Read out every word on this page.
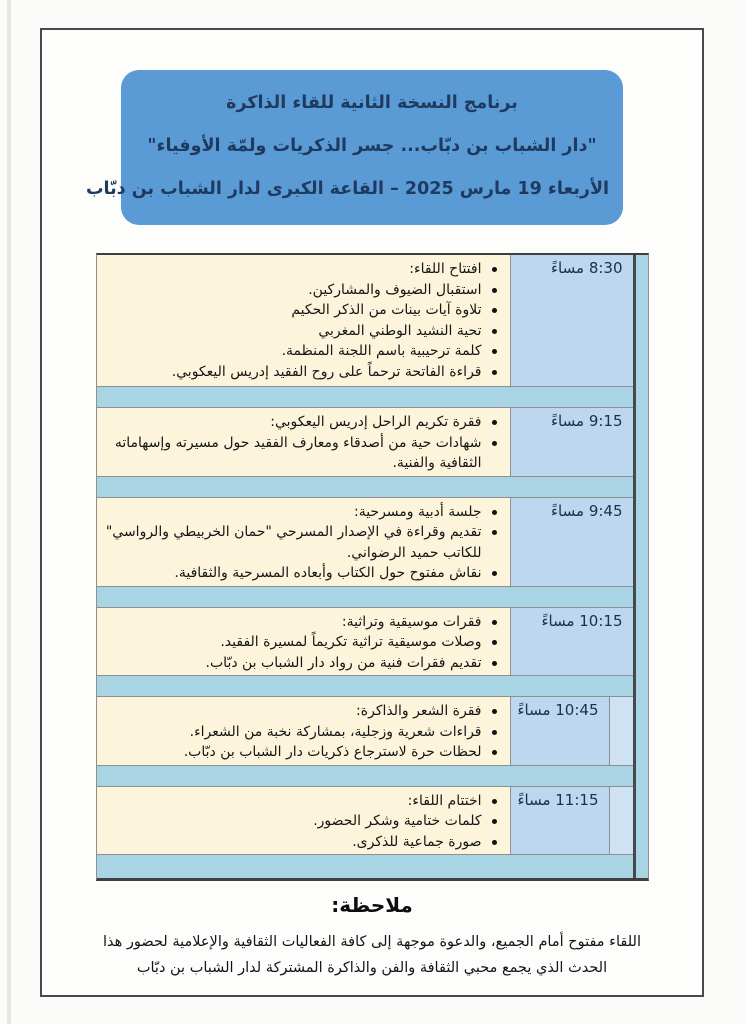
برنامج النسخة الثانية للقاء الذاكرة
"دار الشباب بن دبّاب... جسر الذكريات ولمّة الأوفياء"
الأربعاء 19 مارس 2025 – القاعة الكبرى لدار الشباب بن دبّاب
8:30 مساءً
افتتاح اللقاء:
استقبال الضيوف والمشاركين.
تلاوة آيات بينات من الذكر الحكيم
تحية النشيد الوطني المغربي
كلمة ترحيبية باسم اللجنة المنظمة.
قراءة الفاتحة ترحماً على روح الفقيد إدريس اليعكوبي.
9:15 مساءً
فقرة تكريم الراحل إدريس اليعكوبي:
شهادات حية من أصدقاء ومعارف الفقيد حول مسيرته وإسهاماته الثقافية والفنية.
9:45 مساءً
جلسة أدبية ومسرحية:
تقديم وقراءة في الإصدار المسرحي "حمان الخربيطي والرواسي" للكاتب حميد الرضواني.
نقاش مفتوح حول الكتاب وأبعاده المسرحية والثقافية.
10:15 مساءً
فقرات موسيقية وتراثية:
وصلات موسيقية تراثية تكريماً لمسيرة الفقيد.
تقديم فقرات فنية من رواد دار الشباب بن دبّاب.
10:45 مساءً
فقرة الشعر والذاكرة:
قراءات شعرية وزجلية، بمشاركة نخبة من الشعراء.
لحظات حرة لاسترجاع ذكريات دار الشباب بن دبّاب.
11:15 مساءً
اختتام اللقاء:
كلمات ختامية وشكر الحضور.
صورة جماعية للذكرى.
ملاحظة:
اللقاء مفتوح أمام الجميع، والدعوة موجهة إلى كافة الفعاليات الثقافية والإعلامية لحضور هذا الحدث الذي يجمع محبي الثقافة والفن والذاكرة المشتركة لدار الشباب بن دبّاب
